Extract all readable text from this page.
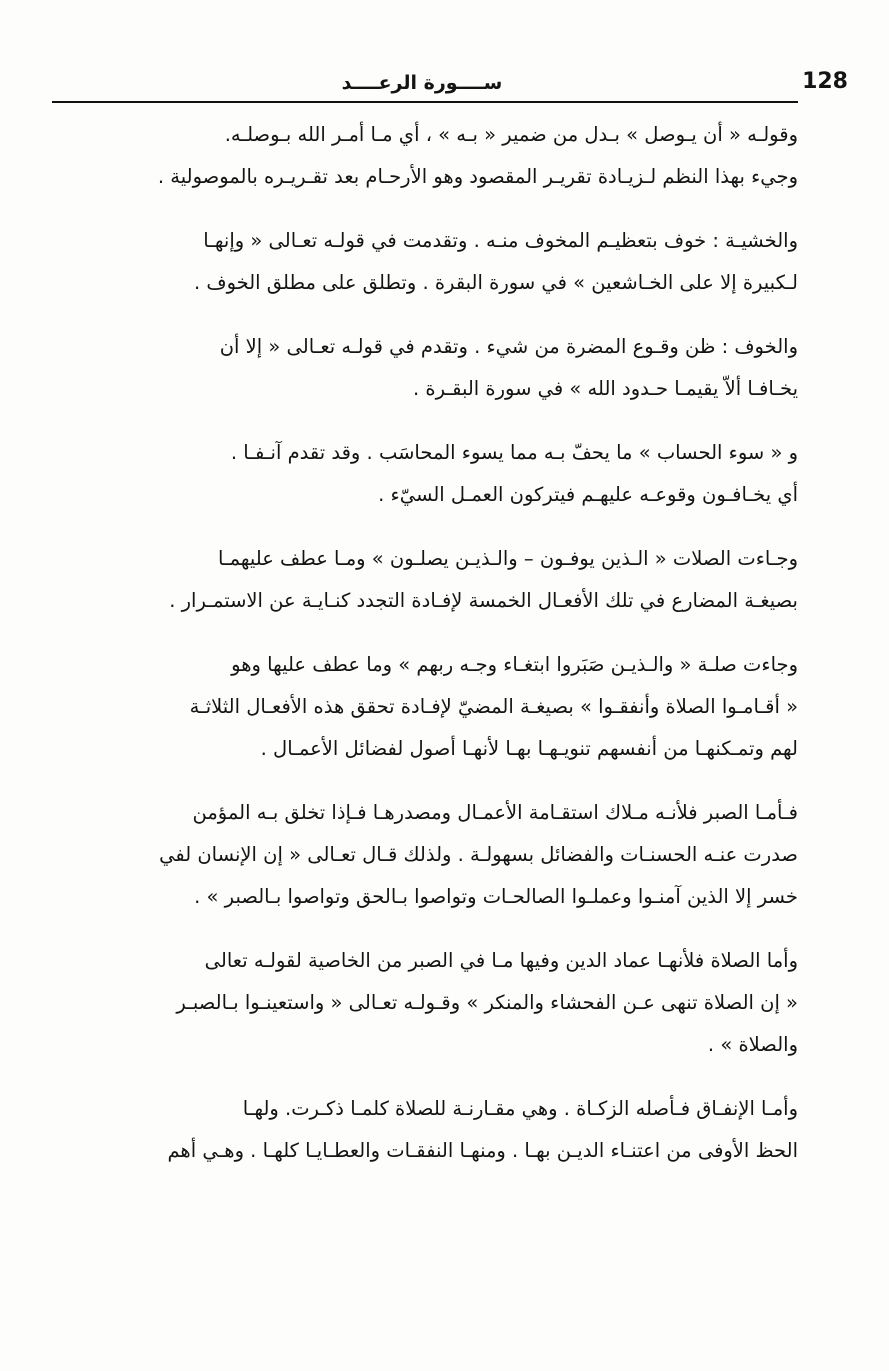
128
ســــورة الرعــــد

وقولـه « أن يـوصل » بـدل من ضمير « بـه » ، أي مـا أمـر الله بـوصلـه.
وجيء بهذا النظم لـزيـادة تقريـر المقصود وهو الأرحـام بعد تقـريـره بالموصولية .

والخشيـة : خوف بتعظيـم المخوف منـه . وتقدمت في قولـه تعـالى « وإنهـا
لـكبيرة إلا على الخـاشعين » في سورة البقرة . وتطلق على مطلق الخوف .

والخوف : ظن وقـوع المضرة من شيء . وتقدم في قولـه تعـالى « إلا أن
يخـافـا ألاّ يقيمـا حـدود الله » في سورة البقـرة .

و « سوء الحساب » ما يحفّ بـه مما يسوء المحاسَب . وقد تقدم آنـفـا .
أي يخـافـون وقوعـه عليهـم فيتركون العمـل السيّء .

وجـاءت الصلات « الـذين يوفـون – والـذيـن يصلـون » ومـا عطف عليهمـا
بصيغـة المضارع في تلك الأفعـال الخمسة لإفـادة التجدد كنـايـة عن الاستمـرار .

وجاءت صلـة « والـذيـن صَبَروا ابتغـاء وجـه ربهم » وما عطف عليها وهو
« أقـامـوا الصلاة وأنفقـوا » بصيغـة المضيّ لإفـادة تحقق هذه الأفعـال الثلاثـة
لهم وتمـكنهـا من أنفسهم تنويـهـا بهـا لأنهـا أصول لفضائل الأعمـال .

فـأمـا الصبر فلأنـه مـلاك استقـامة الأعمـال ومصدرهـا فـإذا تخلق بـه المؤمن
صدرت عنـه الحسنـات والفضائل بسهولـة . ولذلك قـال تعـالى « إن الإنسان لفي
خسر إلا الذين آمنـوا وعملـوا الصالحـات وتواصوا بـالحق وتواصوا بـالصبر » .

وأما الصلاة فلأنهـا عماد الدين وفيها مـا في الصبر من الخاصية لقولـه تعالى
« إن الصلاة تنهى عـن الفحشاء والمنكر » وقـولـه تعـالى « واستعينـوا بـالصبـر
والصلاة » .

وأمـا الإنفـاق فـأصله الزكـاة . وهي مقـارنـة للصلاة كلمـا ذكـرت. ولهـا
الحظ الأوفى من اعتنـاء الديـن بهـا . ومنهـا النفقـات والعطـايـا كلهـا . وهـي أهم
